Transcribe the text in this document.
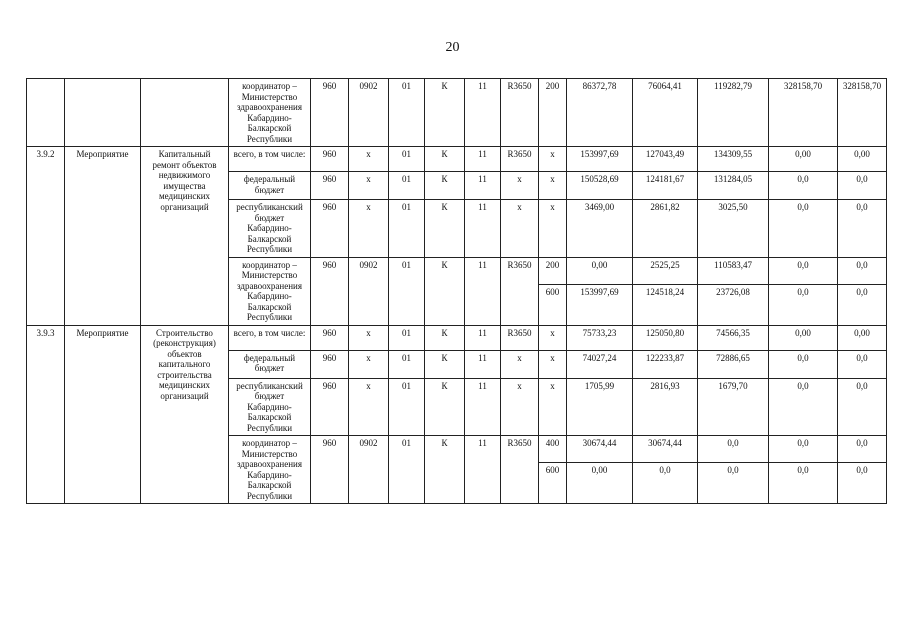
20
			координатор – Министерство здравоохранения Кабардино-Балкарской Республики	960	0902	01	К	11	R3650	200	86372,78	76064,41	119282,79	328158,70	328158,70
3.9.2	Мероприятие	Капитальный ремонт объектов недвижимого имущества медицинских организаций	всего, в том числе:	960	x	01	К	11	R3650	x	153997,69	127043,49	134309,55	0,00	0,00
			федеральный бюджет	960	x	01	К	11	x	x	150528,69	124181,67	131284,05	0,0	0,0
			республиканский бюджет Кабардино-Балкарской Республики	960	x	01	К	11	x	x	3469,00	2861,82	3025,50	0,0	0,0
			координатор – Министерство здравоохранения Кабардино-Балкарской Республики	960	0902	01	К	11	R3650	200	0,00	2525,25	110583,47	0,0	0,0
										600	153997,69	124518,24	23726,08	0,0	0,0
3.9.3	Мероприятие	Строительство (реконструкция) объектов капитального строительства медицинских организаций	всего, в том числе:	960	x	01	К	11	R3650	x	75733,23	125050,80	74566,35	0,00	0,00
			федеральный бюджет	960	x	01	К	11	x	x	74027,24	122233,87	72886,65	0,0	0,0
			республиканский бюджет Кабардино-Балкарской Республики	960	x	01	К	11	x	x	1705,99	2816,93	1679,70	0,0	0,0
			координатор – Министерство здравоохранения Кабардино-Балкарской Республики	960	0902	01	К	11	R3650	400	30674,44	30674,44	0,0	0,0	0,0
										600	0,00	0,0	0,0	0,0	0,0
